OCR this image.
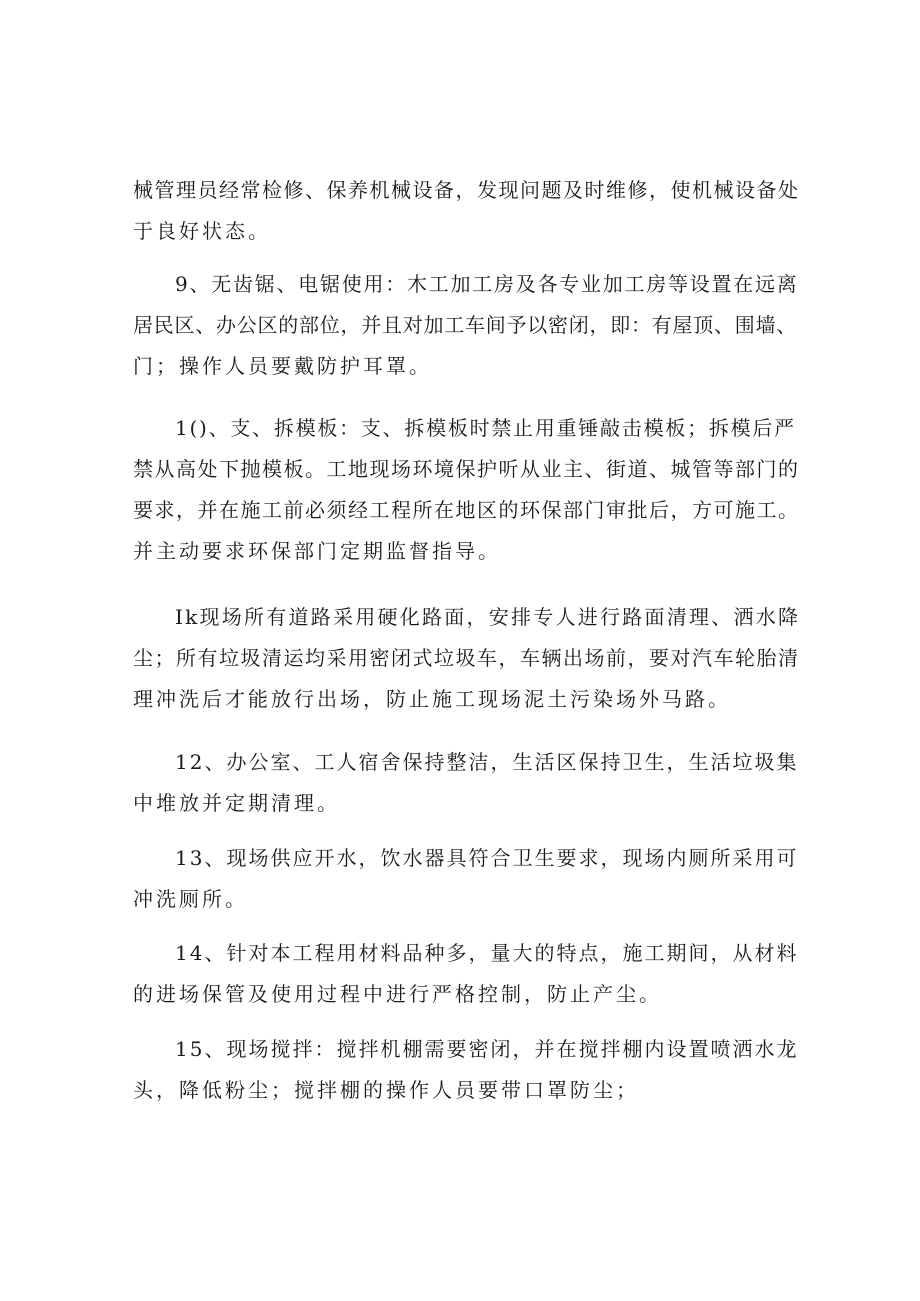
械管理员经常检修、保养机械设备，发现问题及时维修，使机械设备处
于良好状态。
9、无齿锯、电锯使用：木工加工房及各专业加工房等设置在远离
居民区、办公区的部位，并且对加工车间予以密闭，即：有屋顶、围墙、
门；操作人员要戴防护耳罩。
1()、支、拆模板：支、拆模板时禁止用重锤敲击模板；拆模后严
禁从高处下抛模板。工地现场环境保护听从业主、街道、城管等部门的
要求，并在施工前必须经工程所在地区的环保部门审批后，方可施工。
并主动要求环保部门定期监督指导。
Ik现场所有道路采用硬化路面，安排专人进行路面清理、洒水降
尘；所有垃圾清运均采用密闭式垃圾车，车辆出场前，要对汽车轮胎清
理冲洗后才能放行出场，防止施工现场泥土污染场外马路。
12、办公室、工人宿舍保持整洁，生活区保持卫生，生活垃圾集
中堆放并定期清理。
13、现场供应开水，饮水器具符合卫生要求，现场内厕所采用可
冲洗厕所。
14、针对本工程用材料品种多，量大的特点，施工期间，从材料
的进场保管及使用过程中进行严格控制，防止产尘。
15、现场搅拌：搅拌机棚需要密闭，并在搅拌棚内设置喷洒水龙
头，降低粉尘；搅拌棚的操作人员要带口罩防尘；
